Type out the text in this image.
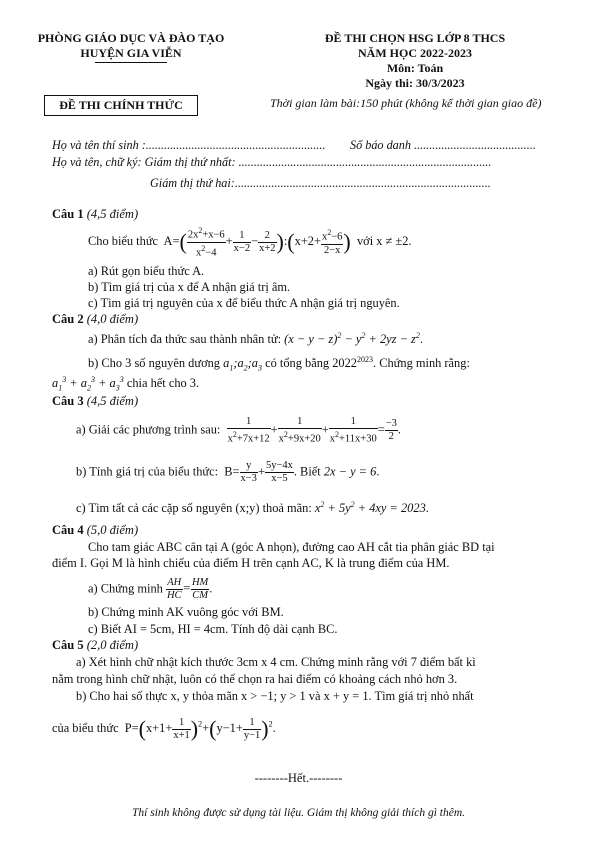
PHÒNG GIÁO DỤC VÀ ĐÀO TẠO
HUYỆN GIA VIỄN
ĐỀ THI CHỌN HSG LỚP 8 THCS
NĂM HỌC 2022-2023
Môn: Toán
Ngày thi: 30/3/2023
ĐỀ THI CHÍNH THỨC	Thời gian làm bài:150 phút (không kể thời gian giao đề)
Họ và tên thí sinh :........................................................... Số báo danh ........................................
Họ và tên, chữ ký: Giám thị thứ nhất: ...................................................................................
Giám thị thứ hai:....................................................................................
Câu 1 (4,5 điểm)
Cho biểu thức  $A=( \frac{2x^2+x-6}{x^2-4} + \frac{1}{x-2} - \frac{2}{x+2}$ ):(x+2+ $\frac{x^2-6}{2-x}$ ) với x ≠ ±2.
a) Rút gọn biểu thức A.
b) Tìm giá trị của x để A nhận giá trị âm.
c) Tìm giá trị nguyên của x để biểu thức A nhận giá trị nguyên.
Câu 2 (4,0 điểm)
a) Phân tích đa thức sau thành nhân tử: $(x - y - z)^2 - y^2 + 2yz - z^2$.
b) Cho 3 số nguyên dương $a_1;a_2;a_3$ có tổng bằng $2022^{2023}$. Chứng minh rằng:
$a_1^3 + a_2^3 + a_3^3$ chia hết cho 3.
Câu 3 (4,5 điểm)
a) Giải các phương trình sau: $\frac{1}{x^2+7x+12} + \frac{1}{x^2+9x+20} + \frac{1}{x^2+11x+30} = \frac{-3}{2}$ .
b) Tính giá trị của biểu thức:  $B= \frac{y}{x-3} + \frac{5y-4x}{x-5}$ . Biết 2x − y = 6.
c) Tìm tất cả các cặp số nguyên (x;y) thoả mãn: $x^2 + 5y^2 + 4xy = 2023$.
Câu 4 (5,0 điểm)
Cho tam giác ABC cân tại A (góc A nhọn), đường cao AH cắt tia phân giác BD tại
điểm I. Gọi M là hình chiếu của điểm H trên cạnh AC, K là trung điểm của HM.
a) Chứng minh $\frac{AH}{HC} = \frac{HM}{CM}$ .
b) Chứng minh AK vuông góc với BM.
c) Biết AI = 5cm, HI = 4cm. Tính độ dài cạnh BC.
Câu 5 (2,0 điểm)
a) Xét hình chữ nhật kích thước 3cm x 4 cm. Chứng minh rằng với 7 điểm bất kì
nằm trong hình chữ nhật, luôn có thể chọn ra hai điểm có khoảng cách nhỏ hơn 3.
b) Cho hai số thực x, y thỏa mãn x > −1; y > 1 và x + y = 1. Tìm giá trị nhỏ nhất
của biểu thức  $P=(x+1+ \frac{1}{x+1} )^2+(y-1+ \frac{1}{y-1} )^2$.
--------Hết.--------
Thí sinh không được sử dụng tài liệu. Giám thị không giải thích gì thêm.
